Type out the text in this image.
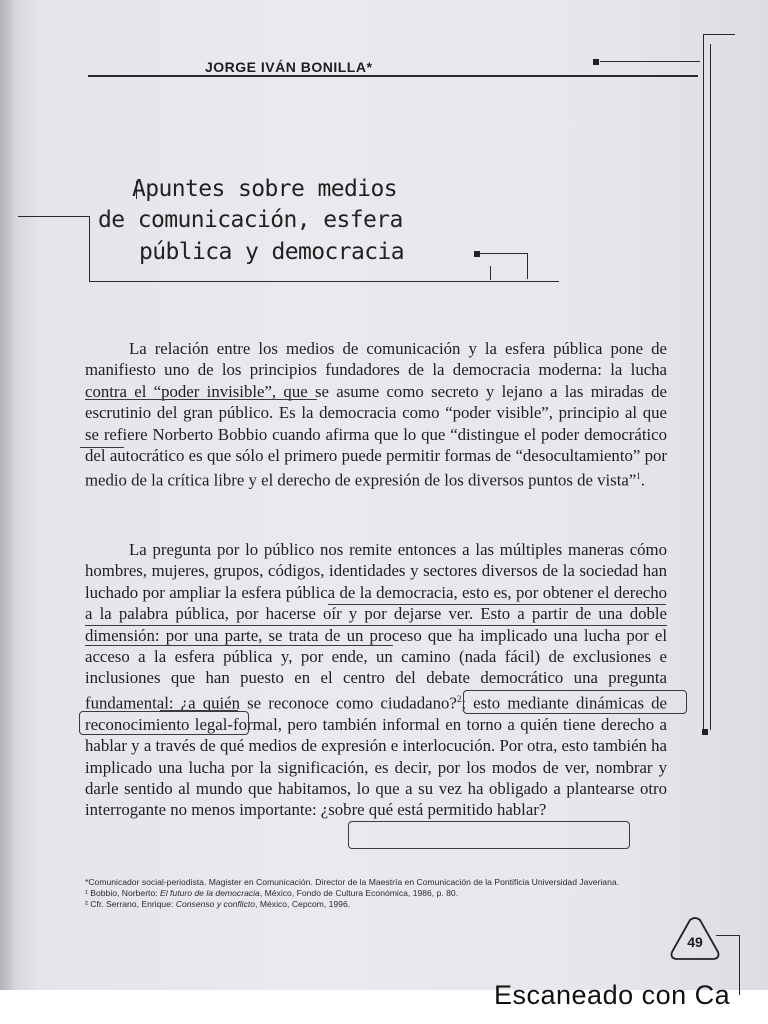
JORGE IVÁN BONILLA*
Apuntes sobre medios
de comunicación, esfera
pública y democracia

La relación entre los medios de comunicación y la esfera pública pone de manifiesto uno de los principios fundadores de la democracia moderna: la lucha contra el “poder invisible”, que se asume como secreto y lejano a las miradas de escrutinio del gran público. Es la democracia como “poder visible”, principio al que se refiere Norberto Bobbio cuando afirma que lo que “distingue el poder democrático del autocrático es que sólo el primero puede permitir formas de “desocultamiento” por medio de la crítica libre y el derecho de expresión de los diversos puntos de vista”$^1$.

La pregunta por lo público nos remite entonces a las múltiples maneras cómo hombres, mujeres, grupos, códigos, identidades y sectores diversos de la sociedad han luchado por ampliar la esfera pública de la democracia, esto es, por obtener el derecho a la palabra pública, por hacerse oír y por dejarse ver. Esto a partir de una doble dimensión: por una parte, se trata de un proceso que ha implicado una lucha por el acceso a la esfera pública y, por ende, un camino (nada fácil) de exclusiones e inclusiones que han puesto en el centro del debate democrático una pregunta fundamental: ¿a quién se reconoce como ciudadano?$^2$; esto mediante dinámicas de reconocimiento legal-formal, pero también informal en torno a quién tiene derecho a hablar y a través de qué medios de expresión e interlocución. Por otra, esto también ha implicado una lucha por la significación, es decir, por los modos de ver, nombrar y darle sentido al mundo que habitamos, lo que a su vez ha obligado a plantearse otro interrogante no menos importante: ¿sobre qué está permitido hablar?

*Comunicador social-periodista. Magister en Comunicación. Director de la Maestría en Comunicación de la Pontificia Universidad Javeriana.
¹ Bobbio, Norberto: El futuro de la democracia, México, Fondo de Cultura Económica, 1986, p. 80.
² Cfr. Serrano, Enrique: Consenso y conflicto, México, Cepcom, 1996.
49
Escaneado con Ca
